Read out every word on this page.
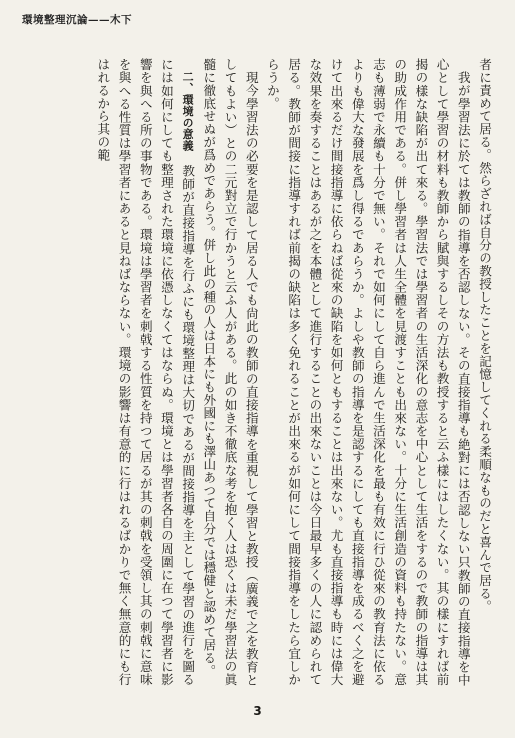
環境整理沉論——木下

者に責めて居る。然らざれば自分の教授したことを記憶してくれる柔順なものだと喜んで居る。

我が學習法に於ては教師の指導を否認しない。その直接指導も絶對には否認しない只教師の直接指導を中心として學習の材料も教師から賦與するしその方法も教授すると云ふ樣にはしたくない。其の樣にすれば前揭の樣な缺陷が出て來る。學習法では學習者の生活深化の意志を中心として生活をするので教師の指導は其の助成作用である。併し學習者は人生全體を見渡すことも出來ない。十分に生活創造の資料も持たない。意志も薄弱で永續も十分で無い。それで如何にして自ら進んで生活深化を最も有效に行ひ從來の教育法に依るよりも偉大な發展を爲し得るであらうか。よしや教師の指導を是認するにしても直接指導を成るべく之を避けて出來るだけ間接指導に依らねば從來の缺陷を如何ともすることは出來ない。尤も直接指導も時には偉大な效果を奏することはあるが之を本體として進行することの出來ないことは今日最早多くの人に認められて居る。教師が間接に指導すれば前揭の缺陷は多く免れることが出來るが如何にして間接指導をしたら宜しからうか。

現今學習法の必要を是認して居る人でも尙此の教師の直接指導を重視して學習と教授（廣義で之を教育としてもよい）との二元對立で行かうと云ふ人がある。此の如き不徹底な考を抱く人は恐くは未だ學習法の眞髓に徹底せぬが爲めであらう。併し此の種の人は日本にも外國にも澤山あつて自分では穩健と認めて居る。

二、環境の意義　教師が直接指導を行ふにも環境整理は大切であるが間接指導を主として學習の進行を圖るには如何にしても整理された環境に依憑しなくてはならぬ。環境とは學習者各自の周圍に在つて學習者に影響を與へる所の事物である。環境は學習者を刺戟する性質を持つて居るが其の刺戟を受領し其の刺戟に意味を與へる性質は學習者にあると見ねばならない。環境の影響は有意的に行はれるばかりで無く無意的にも行はれるから其の範

3
